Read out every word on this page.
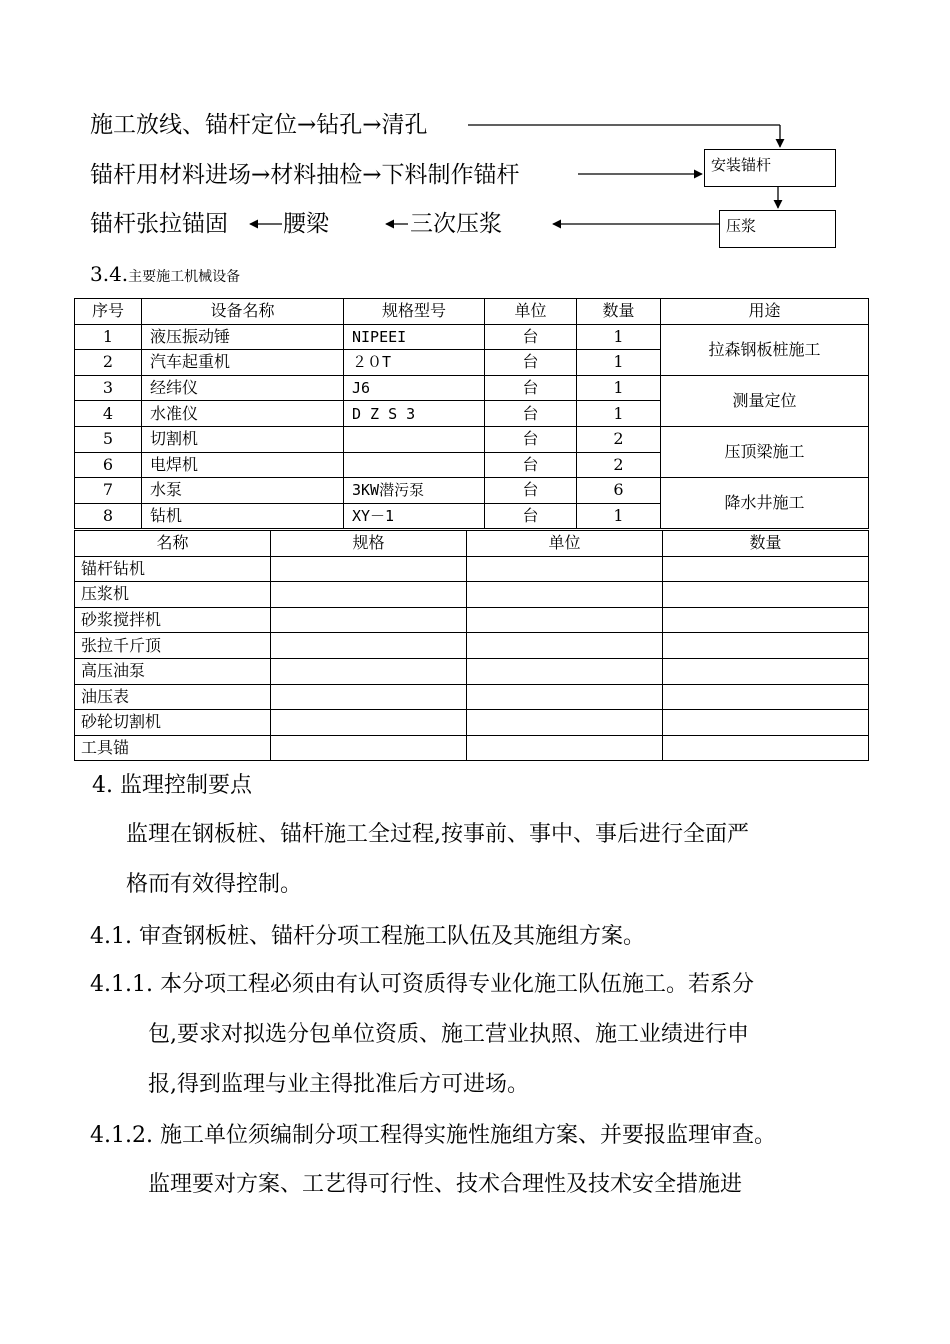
施工放线、锚杆定位→钻孔→清孔
锚杆用材料进场→材料抽检→下料制作锚杆
锚杆张拉锚固 腰梁	三次压浆
安装锚杆
压浆
3.4.主要施工机械设备
序号	设备名称	规格型号	单位	数量	用途
1	液压振动锤	NIPEEI	台	1	拉森钢板桩施工
2	汽车起重机	２０T	台	1	
3	经纬仪	J6	台	1	测量定位
4	水准仪	D Z S 3	台	1	
5	切割机		台	2	压顶梁施工
6	电焊机		台	2	
7	水泵	3KW潜污泵	台	6	降水井施工
8	钻机	XY－1	台	1	
名称	规格	单位	数量
锚杆钻机			
压浆机			
砂浆搅拌机			
张拉千斤顶			
高压油泵			
油压表			
砂轮切割机			
工具锚			
4. 监理控制要点
监理在钢板桩、锚杆施工全过程,按事前、事中、事后进行全面严
格而有效得控制。
4.1. 审查钢板桩、锚杆分项工程施工队伍及其施组方案。
4.1.1. 本分项工程必须由有认可资质得专业化施工队伍施工。若系分
包,要求对拟选分包单位资质、施工营业执照、施工业绩进行申
报,得到监理与业主得批准后方可进场。
4.1.2. 施工单位须编制分项工程得实施性施组方案、并要报监理审查。
监理要对方案、工艺得可行性、技术合理性及技术安全措施进
